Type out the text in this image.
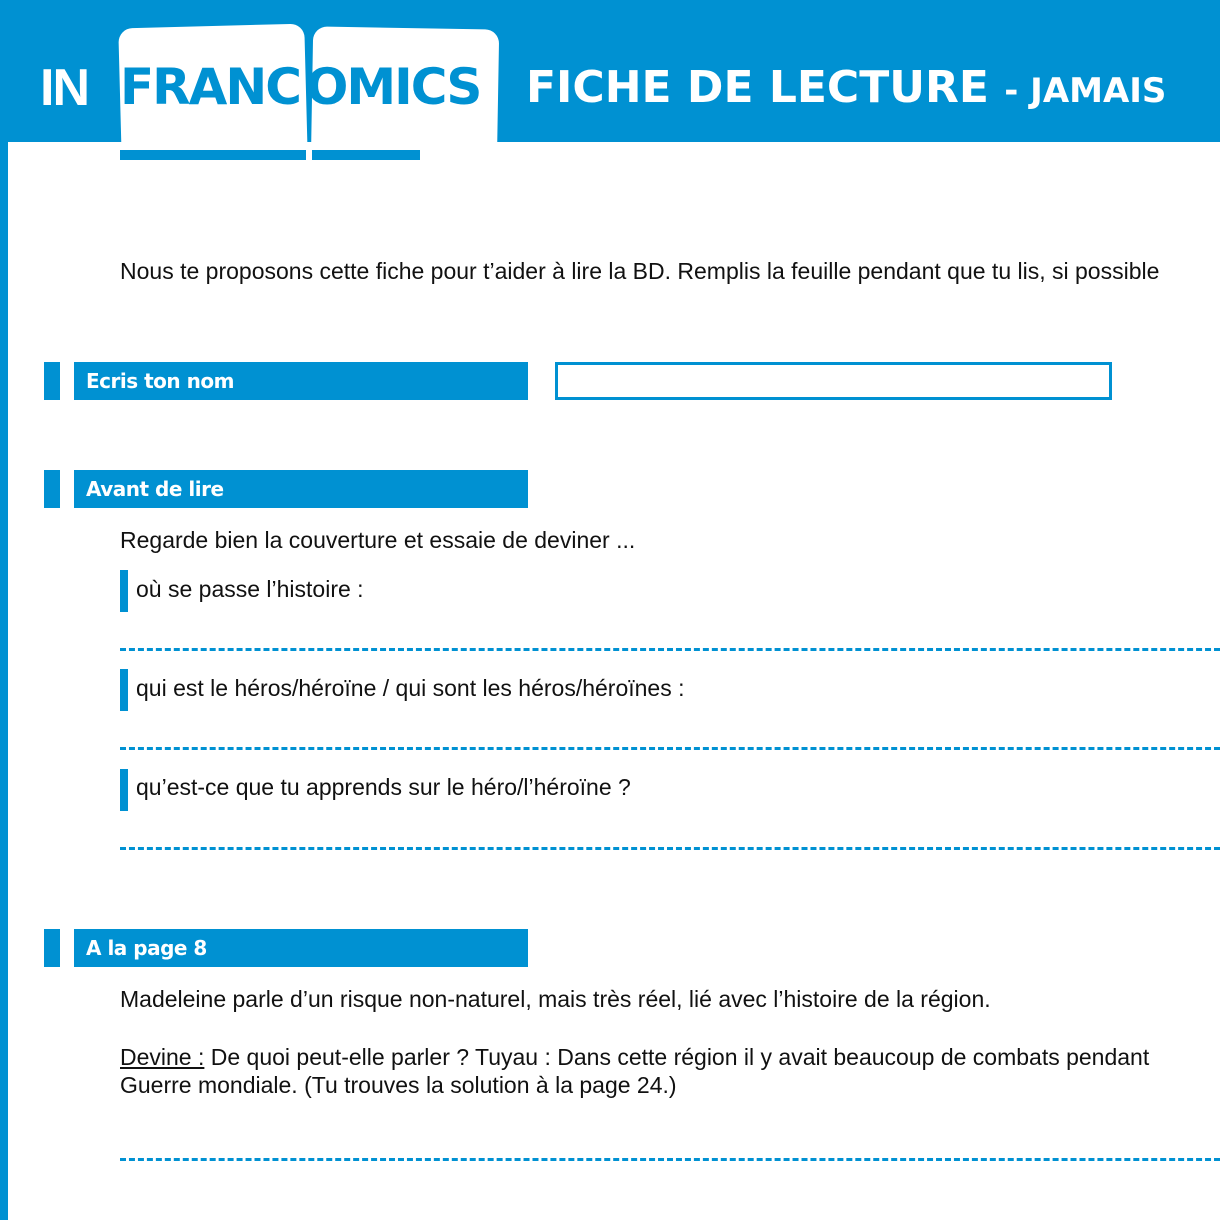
IN FRANC OMICS	FICHE DE LECTURE - JAMAIS
Nous te proposons cette fiche pour t’aider à lire la BD. Remplis la feuille pendant que tu lis, si possible
Ecris ton nom
Avant de lire
Regarde bien la couverture et essaie de deviner ...
où se passe l’histoire :
qui est le héros/héroïne / qui sont les héros/héroïnes :
qu’est-ce que tu apprends sur le héro/l’héroïne ?
A la page 8
Madeleine parle d’un risque non-naturel, mais très réel, lié avec l’histoire de la région.
Devine : De quoi peut-elle parler ? Tuyau : Dans cette région il y avait beaucoup de combats pendant
Guerre mondiale. (Tu trouves la solution à la page 24.)
